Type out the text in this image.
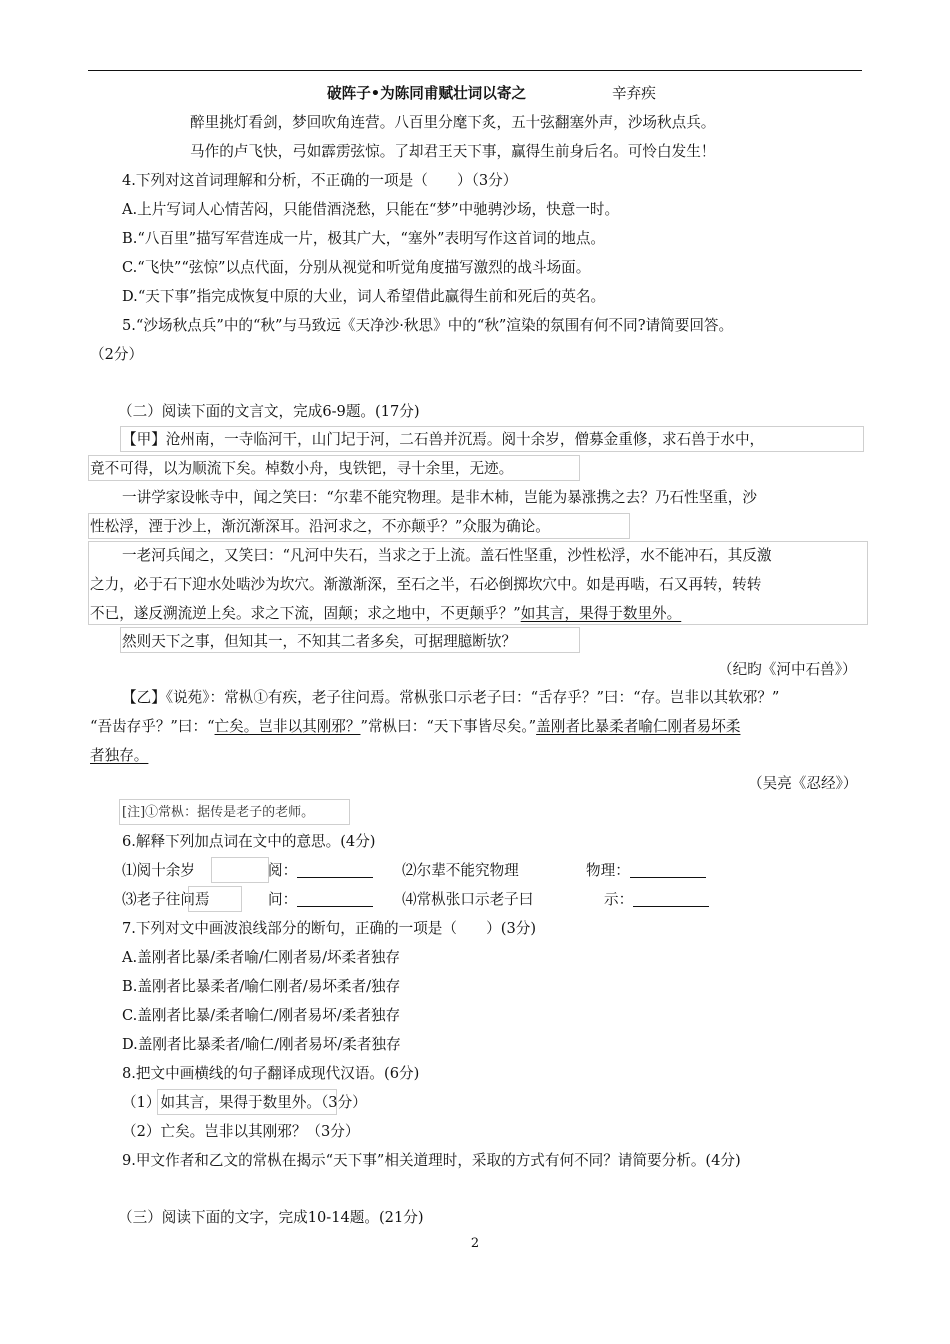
破阵子•为陈同甫赋壮词以寄之	辛弃疾
醉里挑灯看剑，梦回吹角连营。八百里分麾下炙，五十弦翻塞外声，沙场秋点兵。
马作的卢飞快，弓如霹雳弦惊。了却君王天下事，赢得生前身后名。可怜白发生！
4.下列对这首词理解和分析，不正确的一项是（　　）（3分）
A.上片写词人心情苦闷，只能借酒浇愁，只能在“梦”中驰骋沙场，快意一时。
B.“八百里”描写军营连成一片，极其广大，“塞外”表明写作这首词的地点。
C.“飞快”“弦惊”以点代面，分别从视觉和听觉角度描写激烈的战斗场面。
D.“天下事”指完成恢复中原的大业，词人希望借此赢得生前和死后的英名。
5.“沙场秋点兵”中的“秋”与马致远《天净沙·秋思》中的“秋”渲染的氛围有何不同?请简要回答。
（2分）
（二）阅读下面的文言文，完成6-9题。(17分)
【甲】沧州南，一寺临河干，山门圮于河，二石兽并沉焉。阅十余岁，僧募金重修，求石兽于水中，
竟不可得，以为顺流下矣。棹数小舟，曳铁钯，寻十余里，无迹。
一讲学家设帐寺中，闻之笑曰：“尔辈不能究物理。是非木杮，岂能为暴涨携之去？乃石性坚重，沙
性松浮，湮于沙上，渐沉渐深耳。沿河求之，不亦颠乎？”众服为确论。
一老河兵闻之，又笑曰：“凡河中失石，当求之于上流。盖石性坚重，沙性松浮，水不能冲石，其反激
之力，必于石下迎水处啮沙为坎穴。渐激渐深，至石之半，石必倒掷坎穴中。如是再啮，石又再转，转转
不已，遂反溯流逆上矣。求之下流，固颠；求之地中，不更颠乎？”如其言，果得于数里外。
然则天下之事，但知其一，不知其二者多矣，可据理臆断欤？
（纪昀《河中石兽》）
【乙】《说苑》：常枞①有疾，老子往问焉。常枞张口示老子曰：“舌存乎？”曰：“存。岂非以其软邪？”
“吾齿存乎？”曰：“亡矣。岂非以其刚邪？”常枞曰：“天下事皆尽矣。”盖刚者比暴柔者喻仁刚者易坏柔
者独存。
（吴亮《忍经》）
[注]①常枞：据传是老子的老师。
6.解释下列加点词在文中的意思。(4分)
⑴阅十余岁	阅：	⑵尔辈不能究物理	物理：
⑶老子往问焉	问：	⑷常枞张口示老子曰	示：
7.下列对文中画波浪线部分的断句，正确的一项是（　　）(3分)
A.盖刚者比暴/柔者喻/仁刚者易/坏柔者独存
B.盖刚者比暴柔者/喻仁刚者/易坏柔者/独存
C.盖刚者比暴/柔者喻仁/刚者易坏/柔者独存
D.盖刚者比暴柔者/喻仁/刚者易坏/柔者独存
8.把文中画横线的句子翻译成现代汉语。(6分)
（1）如其言，果得于数里外。（3分）
（2）亡矣。岂非以其刚邪？（3分）
9.甲文作者和乙文的常枞在揭示“天下事”相关道理时，采取的方式有何不同？请简要分析。(4分)
（三）阅读下面的文字，完成10-14题。(21分)
2
